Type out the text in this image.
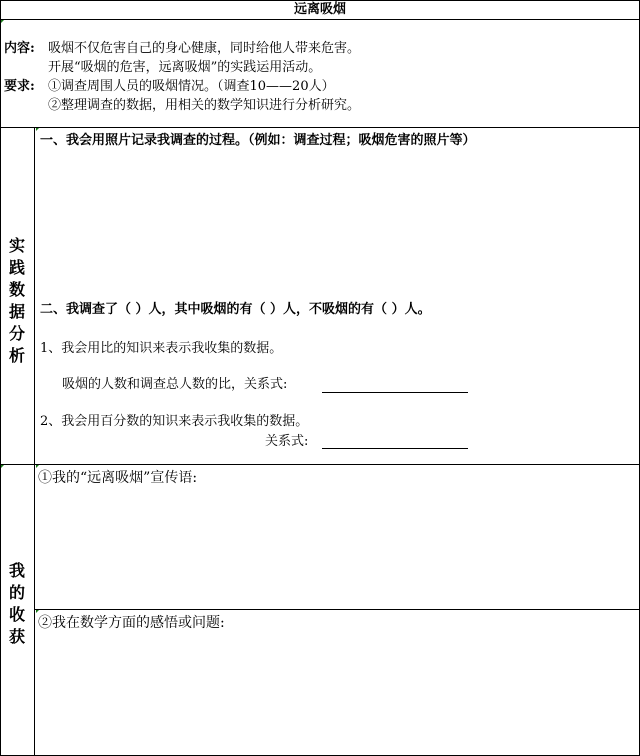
远离吸烟
内容: 吸烟不仅危害自己的身心健康，同时给他人带来危害。
开展“吸烟的危害，远离吸烟”的实践运用活动。
要求: ①调查周围人员的吸烟情况。（调查10——20人）
②整理调查的数据，用相关的数学知识进行分析研究。
实
践
数
据
分
析
一、我会用照片记录我调查的过程。（例如：调查过程；吸烟危害的照片等）
二、我调查了（ ）人，其中吸烟的有（ ）人，不吸烟的有（ ）人。
1、我会用比的知识来表示我收集的数据。
吸烟的人数和调查总人数的比，关系式:
2、我会用百分数的知识来表示我收集的数据。
关系式:
我
的
收
获
①我的“远离吸烟”宣传语:
②我在数学方面的感悟或问题:
